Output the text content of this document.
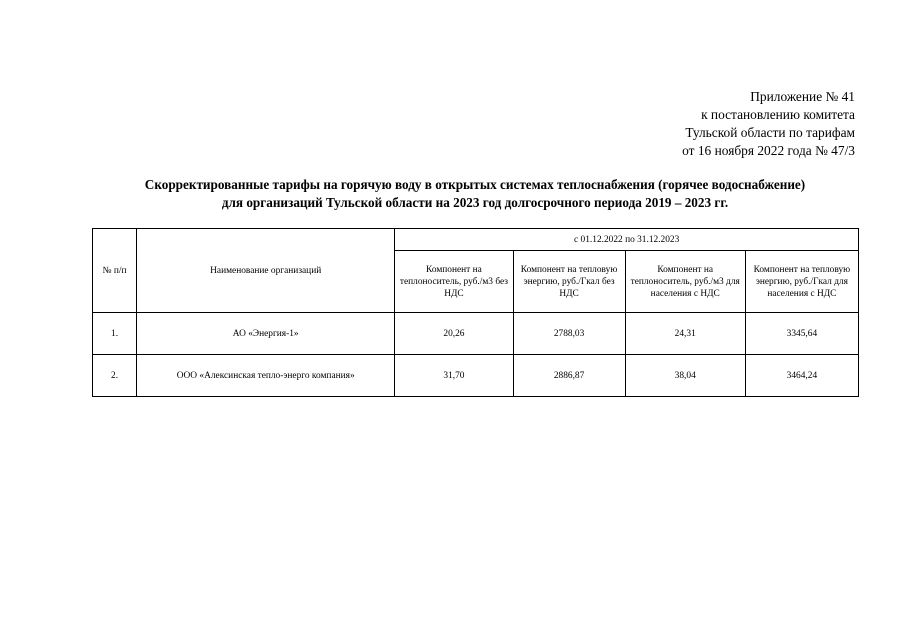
Приложение № 41
к постановлению комитета
Тульской области по тарифам
от 16 ноября 2022 года № 47/3
Скорректированные тарифы на горячую воду в открытых системах теплоснабжения (горячее водоснабжение)
для организаций Тульской области на 2023 год долгосрочного периода 2019 – 2023 гг.
№ п/п	Наименование организаций	с 01.12.2022 по 31.12.2023			
		Компонент на теплоноситель, руб./м3 без НДС	Компонент на тепловую энергию, руб./Гкал без НДС	Компонент на теплоноситель, руб./м3 для населения с НДС	Компонент на тепловую энергию, руб./Гкал для населения с НДС
1.	АО «Энергия-1»	20,26	2788,03	24,31	3345,64
2.	ООО «Алексинская тепло-энерго компания»	31,70	2886,87	38,04	3464,24
